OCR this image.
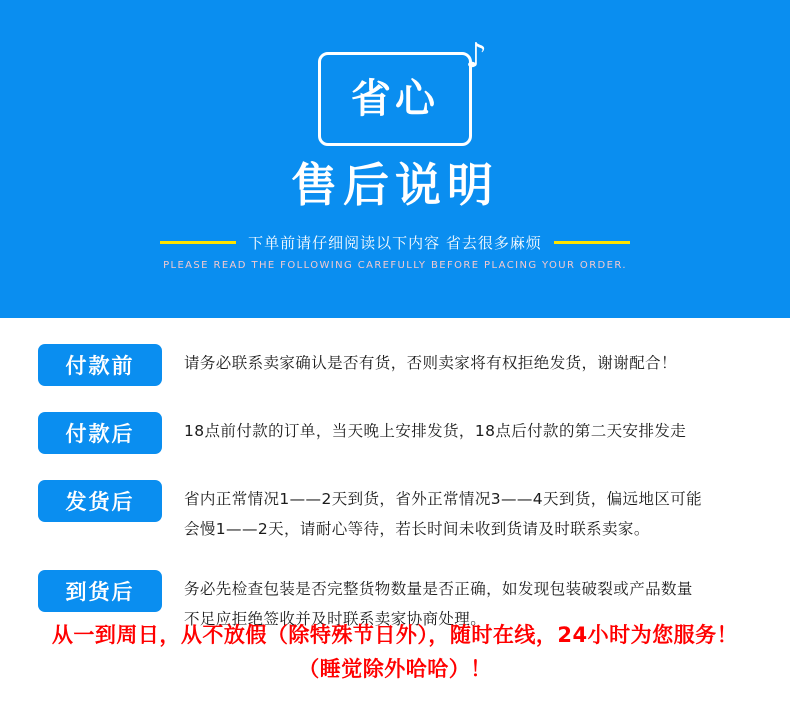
省心
♪
售后说明
下单前请仔细阅读以下内容 省去很多麻烦
PLEASE READ THE FOLLOWING CAREFULLY BEFORE PLACING YOUR ORDER.
付款前	请务必联系卖家确认是否有货，否则卖家将有权拒绝发货，谢谢配合！
付款后	18点前付款的订单，当天晚上安排发货，18点后付款的第二天安排发走
发货后	省内正常情况1——2天到货，省外正常情况3——4天到货，偏远地区可能
会慢1——2天，请耐心等待，若长时间未收到货请及时联系卖家。
到货后	务必先检查包装是否完整货物数量是否正确，如发现包装破裂或产品数量
不足应拒绝签收并及时联系卖家协商处理。
从一到周日，从不放假（除特殊节日外），随时在线，24小时为您服务！
（睡觉除外哈哈）！
